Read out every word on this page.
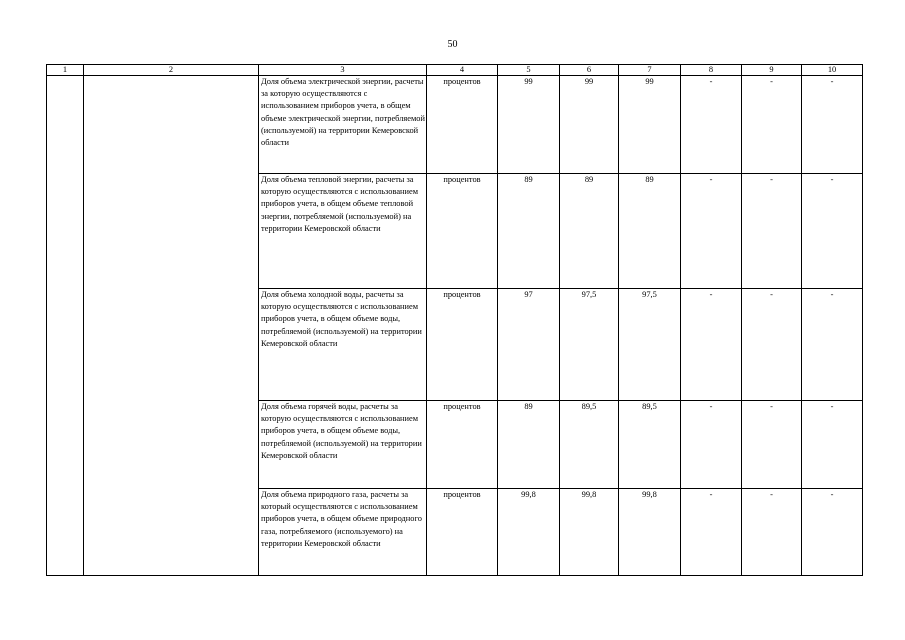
50
1	2	3	4	5	6	7	8	9	10
		Доля объема электрической энергии, расчеты за которую осуществляются с использованием приборов учета, в общем объеме электрической энергии, потребляемой (используемой) на территории Кемеровской области	процентов	99	99	99	-	-	-
		Доля объема тепловой энергии, расчеты за которую осуществляются с использованием приборов учета, в общем объеме тепловой энергии, потребляемой (используемой) на территории Кемеровской области	процентов	89	89	89	-	-	-
		Доля объема холодной воды, расчеты за которую осуществляются с использованием приборов учета, в общем объеме воды, потребляемой (используемой) на территории Кемеровской области	процентов	97	97,5	97,5	-	-	-
		Доля объема горячей воды, расчеты за которую осуществляются с использованием приборов учета, в общем объеме воды, потребляемой (используемой) на территории Кемеровской области	процентов	89	89,5	89,5	-	-	-
		Доля объема природного газа, расчеты за который осуществляются с использованием приборов учета, в общем объеме природного газа, потребляемого (используемого) на территории Кемеровской области	процентов	99,8	99,8	99,8	-	-	-
